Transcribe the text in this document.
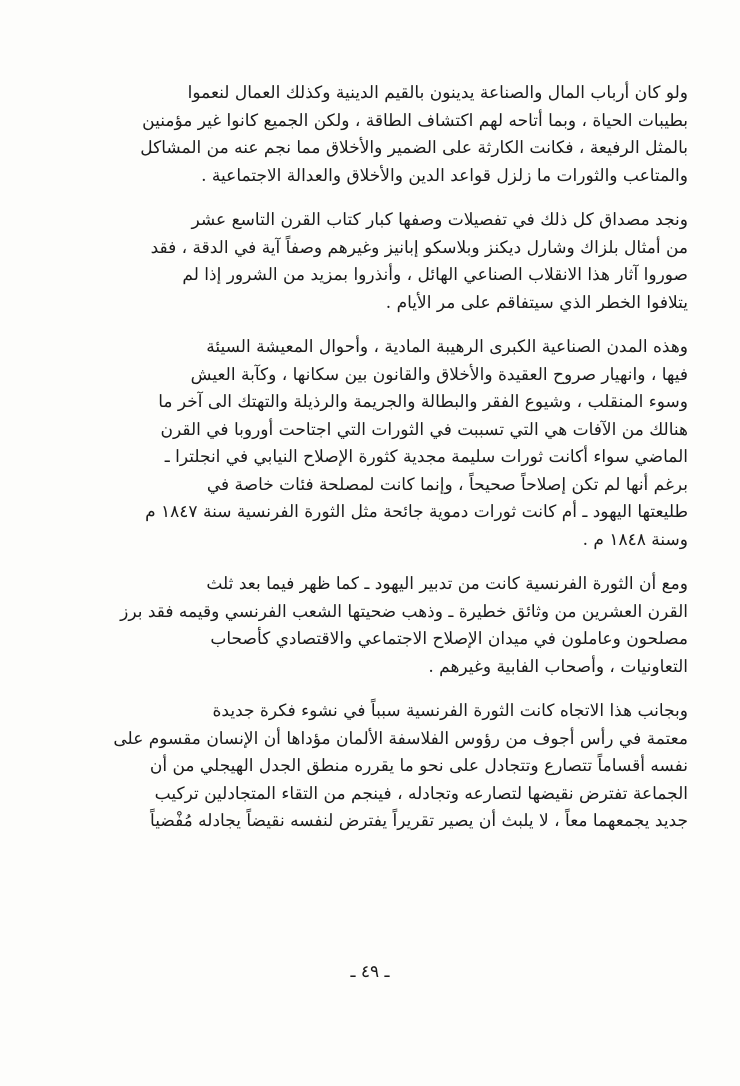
ولو كان أرباب المال والصناعة يدينون بالقيم الدينية وكذلك العمال لنعموا
بطيبات الحياة ، وبما أتاحه لهم اكتشاف الطاقة ، ولكن الجميع كانوا غير مؤمنين
بالمثل الرفيعة ، فكانت الكارثة على الضمير والأخلاق مما نجم عنه من المشاكل
والمتاعب والثورات ما زلزل قواعد الدين والأخلاق والعدالة الاجتماعية .

ونجد مصداق كل ذلك في تفصيلات وصفها كبار كتاب القرن التاسع عشر
من أمثال بلزاك وشارل ديكنز وبلاسكو إبانيز وغيرهم وصفاً آية في الدقة ، فقد
صوروا آثار هذا الانقلاب الصناعي الهائل ، وأنذروا بمزيد من الشرور إذا لم
يتلافوا الخطر الذي سيتفاقم على مر الأيام .

وهذه المدن الصناعية الكبرى الرهيبة المادية ، وأحوال المعيشة السيئة
فيها ، وانهيار صروح العقيدة والأخلاق والقانون بين سكانها ، وكآبة العيش
وسوء المنقلب ، وشيوع الفقر والبطالة والجريمة والرذيلة والتهتك الى آخر ما
هنالك من الآفات هي التي تسببت في الثورات التي اجتاحت أوروبا في القرن
الماضي سواء أكانت ثورات سليمة مجدية كثورة الإصلاح النيابي في انجلترا ـ
برغم أنها لم تكن إصلاحاً صحيحاً ، وإنما كانت لمصلحة فئات خاصة في
طليعتها اليهود ـ أم كانت ثورات دموية جائحة مثل الثورة الفرنسية سنة ١٨٤٧ م
وسنة ١٨٤٨ م .

ومع أن الثورة الفرنسية كانت من تدبير اليهود ـ كما ظهر فيما بعد ثلث
القرن العشرين من وثائق خطيرة ـ وذهب ضحيتها الشعب الفرنسي وقيمه فقد برز
مصلحون وعاملون في ميدان الإصلاح الاجتماعي والاقتصادي كأصحاب
التعاونيات ، وأصحاب الفابية وغيرهم .

وبجانب هذا الاتجاه كانت الثورة الفرنسية سبباً في نشوء فكرة جديدة
معتمة في رأس أجوف من رؤوس الفلاسفة الألمان مؤداها أن الإنسان مقسوم على
نفسه أقساماً تتصارع وتتجادل على نحو ما يقرره منطق الجدل الهيجلي من أن
الجماعة تفترض نقيضها لتصارعه وتجادله ، فينجم من التقاء المتجادلين تركيب
جديد يجمعهما معاً ، لا يلبث أن يصير تقريراً يفترض لنفسه نقيضاً يجادله مُفْضياً

ـ ٤٩ ـ
